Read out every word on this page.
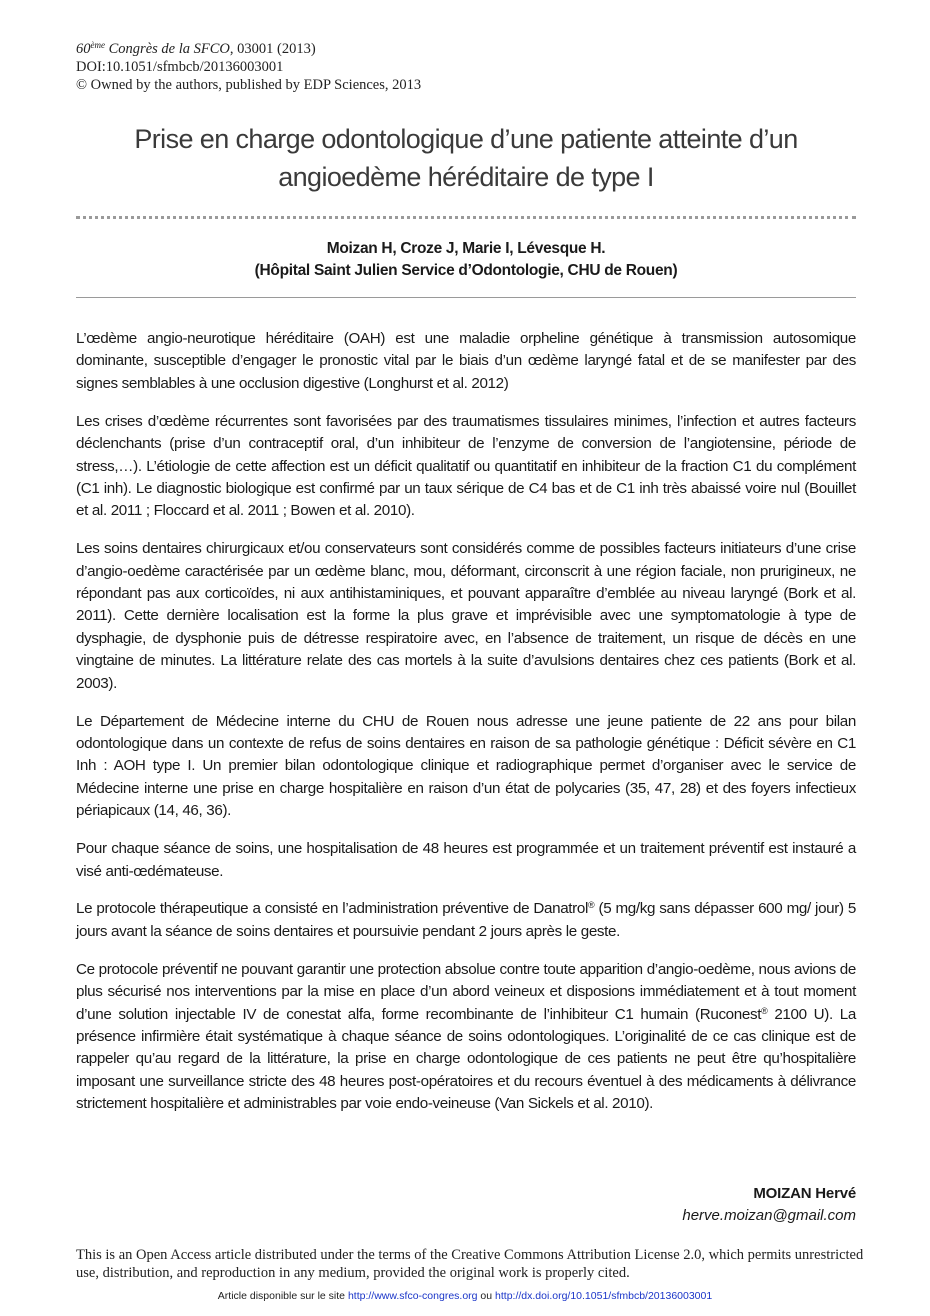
60ème Congrès de la SFCO, 03001 (2013)
DOI:10.1051/sfmbcb/20136003001
© Owned by the authors, published by EDP Sciences, 2013
Prise en charge odontologique d’une patiente atteinte d’un
angioedème héréditaire de type I
Moizan H, Croze J, Marie I, Lévesque H.
(Hôpital Saint Julien Service d’Odontologie, CHU de Rouen)

L’œdème angio-neurotique héréditaire (OAH) est une maladie orpheline génétique à transmission autosomique dominante, susceptible d’engager le pronostic vital par le biais d’un œdème laryngé fatal et de se manifester par des signes semblables à une occlusion digestive (Longhurst et al. 2012)

Les crises d’œdème récurrentes sont favorisées par des traumatismes tissulaires minimes, l’infection et autres facteurs déclenchants (prise d’un contraceptif oral, d’un inhibiteur de l’enzyme de conversion de l’angiotensine, période de stress,…). L’étiologie de cette affection est un déficit qualitatif ou quantitatif en inhibiteur de la fraction C1 du complément (C1 inh). Le diagnostic biologique est confirmé par un taux sérique de C4 bas et de C1 inh très abaissé voire nul (Bouillet et al. 2011 ; Floccard et al. 2011 ; Bowen et al. 2010).

Les soins dentaires chirurgicaux et/ou conservateurs sont considérés comme de possibles facteurs initiateurs d’une crise d’angio-oedème caractérisée par un œdème blanc, mou, déformant, circonscrit à une région faciale, non prurigineux, ne répondant pas aux corticoïdes, ni aux antihistaminiques, et pouvant apparaître d’emblée au niveau laryngé (Bork et al. 2011). Cette dernière localisation est la forme la plus grave et imprévisible avec une symptomatologie à type de dysphagie, de dysphonie puis de détresse respiratoire avec, en l’absence de traitement, un risque de décès en une vingtaine de minutes. La littérature relate des cas mortels à la suite d’avulsions dentaires chez ces patients (Bork et al. 2003).

Le Département de Médecine interne du CHU de Rouen nous adresse une jeune patiente de 22 ans pour bilan odontologique dans un contexte de refus de soins dentaires en raison de sa pathologie génétique : Déficit sévère en C1 Inh : AOH type I. Un premier bilan odontologique clinique et radiographique permet d’organiser avec le service de Médecine interne une prise en charge hospitalière en raison d’un état de polycaries (35, 47, 28) et des foyers infectieux périapicaux (14, 46, 36).

Pour chaque séance de soins, une hospitalisation de 48 heures est programmée et un traitement préventif est instauré a visé anti-œdémateuse.

Le protocole thérapeutique a consisté en l’administration préventive de Danatrol® (5 mg/kg sans dépasser 600 mg/ jour) 5 jours avant la séance de soins dentaires et poursuivie pendant 2 jours après le geste.

Ce protocole préventif ne pouvant garantir une protection absolue contre toute apparition d’angio-oedème, nous avions de plus sécurisé nos interventions par la mise en place d’un abord veineux et disposions immédiatement et à tout moment d’une solution injectable IV de conestat alfa, forme recombinante de l’inhibiteur C1 humain (Ruconest® 2100 U). La présence infirmière était systématique à chaque séance de soins odontologiques. L’originalité de ce cas clinique est de rappeler qu’au regard de la littérature, la prise en charge odontologique de ces patients ne peut être qu’hospitalière imposant une surveillance stricte des 48 heures post-opératoires et du recours éventuel à des médicaments à délivrance strictement hospitalière et administrables par voie endo-veineuse (Van Sickels et al. 2010).

MOIZAN Hervé
herve.moizan@gmail.com
This is an Open Access article distributed under the terms of the Creative Commons Attribution License 2.0, which permits unrestricted use, distribution, and reproduction in any medium, provided the original work is properly cited.
Article disponible sur le site http://www.sfco-congres.org ou http://dx.doi.org/10.1051/sfmbcb/20136003001
